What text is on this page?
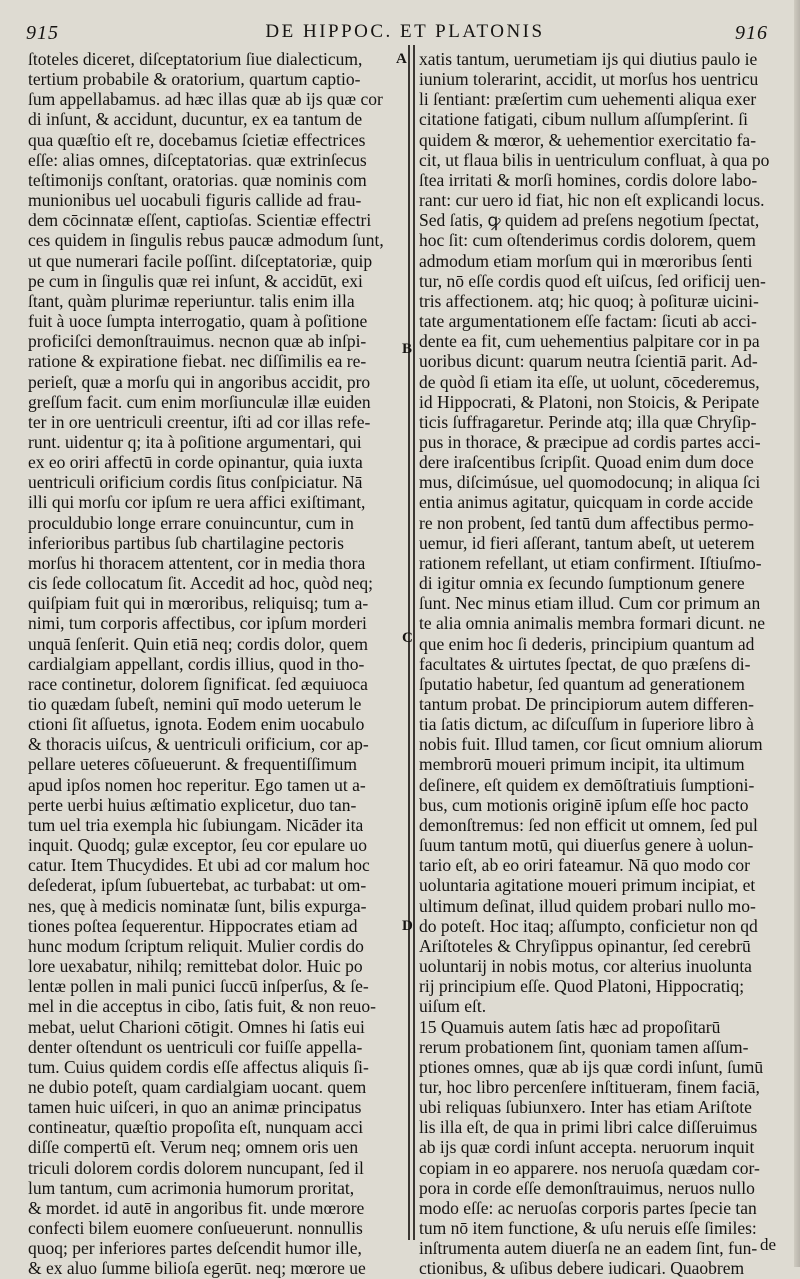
915	DE HIPPOC. ET PLATONIS	916
ſtoteles diceret, diſceptatorium ſiue dialecticum,
tertium probabile & oratorium, quartum captio-
ſum appellabamus. ad hæc illas quæ ab ijs quæ cor
di inſunt, & accidunt, ducuntur, ex ea tantum de
qua quæſtio eſt re, docebamus ſcietiæ effectrices
eſſe: alias omnes, diſceptatorias. quæ extrinſecus
teſtimonijs conſtant, oratorias. quæ nominis com
munionibus uel uocabuli figuris callide ad frau-
dem cōcinnatæ eſſent, captioſas. Scientiæ effectri
ces quidem in ſingulis rebus paucæ admodum ſunt,
ut que numerari facile poſſint. diſceptatoriæ, quip
pe cum in ſingulis quæ rei inſunt, & accidūt, exi
ſtant, quàm plurimæ reperiuntur. talis enim illa
fuit à uoce ſumpta interrogatio, quam à poſitione
proficiſci demonſtrauimus. necnon quæ ab inſpi-
ratione & expiratione fiebat. nec diſſimilis ea re-
perieſt, quæ a morſu qui in angoribus accidit, pro
greſſum facit. cum enim morſiunculæ illæ euiden
ter in ore uentriculi creentur, iſti ad cor illas refe-
runt. uidentur q; ita à poſitione argumentari, qui
ex eo oriri affectū in corde opinantur, quia iuxta
uentriculi orificium cordis ſitus conſpiciatur. Nā
illi qui morſu cor ipſum re uera affici exiſtimant,
proculdubio longe errare conuincuntur, cum in
inferioribus partibus ſub chartilagine pectoris
morſus hi thoracem attentent, cor in media thora
cis ſede collocatum ſit. Accedit ad hoc, quòd neq;
quiſpiam fuit qui in mœroribus, reliquisq; tum a-
nimi, tum corporis affectibus, cor ipſum morderi
unquā ſenſerit. Quin etiā neq; cordis dolor, quem
cardialgiam appellant, cordis illius, quod in tho-
race continetur, dolorem ſignificat. ſed æquiuoca
tio quædam ſubeſt, nemini quī modo ueterum le
ctioni ſit aſſuetus, ignota. Eodem enim uocabulo
& thoracis uiſcus, & uentriculi orificium, cor ap-
pellare ueteres cōſueuerunt. & frequentiſſimum
apud ipſos nomen hoc reperitur. Ego tamen ut a-
perte uerbi huius æſtimatio explicetur, duo tan-
tum uel tria exempla hic ſubiungam. Nicāder ita
inquit. Quodq; gulæ exceptor, ſeu cor epulare uo
catur. Item Thucydides. Et ubi ad cor malum hoc
deſederat, ipſum ſubuertebat, ac turbabat: ut om-
nes, quę à medicis nominatæ ſunt, bilis expurga-
tiones poſtea ſequerentur. Hippocrates etiam ad
hunc modum ſcriptum reliquit. Mulier cordis do
lore uexabatur, nihilq; remittebat dolor. Huic po
lentæ pollen in mali punici ſuccū inſperſus, & ſe-
mel in die acceptus in cibo, ſatis fuit, & non reuo-
mebat, uelut Charioni cōtigit. Omnes hi ſatis eui
denter oſtendunt os uentriculi cor fuiſſe appella-
tum. Cuius quidem cordis eſſe affectus aliquis ſi-
ne dubio poteſt, quam cardialgiam uocant. quem
tamen huic uiſceri, in quo an animæ principatus
contineatur, quæſtio propoſita eſt, nunquam acci
diſſe compertū eſt. Verum neq; omnem oris uen
triculi dolorem cordis dolorem nuncupant, ſed il
lum tantum, cum acrimonia humorum proritat,
& mordet. id autē in angoribus fit. unde mœrore
confecti bilem euomere conſueuerunt. nonnullis
quoq; per inferiores partes deſcendit humor ille,
& ex aluo ſumme bilioſa egerūt. neq; mœrore ue
xatis tantum, uerumetiam ijs qui diutius paulo ie
iunium tolerarint, accidit, ut morſus hos uentricu
li ſentiant: præſertim cum uehementi aliqua exer
citatione fatigati, cibum nullum aſſumpſerint. ſi
quidem & mœror, & uehementior exercitatio fa-
cit, ut flaua bilis in uentriculum confluat, à qua po
ſtea irritati & morſi homines, cordis dolore labo-
rant: cur uero id fiat, hic non eſt explicandi locus.
Sed ſatis, ꝙ quidem ad preſens negotium ſpectat,
hoc ſit: cum oſtenderimus cordis dolorem, quem
admodum etiam morſum qui in mœroribus ſenti
tur, nō eſſe cordis quod eſt uiſcus, ſed orificij uen-
tris affectionem. atq; hic quoq; à poſituræ uicini-
tate argumentationem eſſe factam: ſicuti ab acci-
dente ea fit, cum uehementius palpitare cor in pa
uoribus dicunt: quarum neutra ſcientiā parit. Ad-
de quòd ſi etiam ita eſſe, ut uolunt, cōcederemus,
id Hippocrati, & Platoni, non Stoicis, & Peripate
ticis ſuffragaretur. Perinde atq; illa quæ Chryſip-
pus in thorace, & præcipue ad cordis partes acci-
dere iraſcentibus ſcripſit. Quoad enim dum doce
mus, diſcimúsue, uel quomodocunq; in aliqua ſci
entia animus agitatur, quicquam in corde accide
re non probent, ſed tantū dum affectibus permo-
uemur, id fieri aſſerant, tantum abeſt, ut ueterem
rationem refellant, ut etiam confirment. Iſtiuſmo-
di igitur omnia ex ſecundo ſumptionum genere
ſunt. Nec minus etiam illud. Cum cor primum an
te alia omnia animalis membra formari dicunt. ne
que enim hoc ſi dederis, principium quantum ad
facultates & uirtutes ſpectat, de quo præſens di-
ſputatio habetur, ſed quantum ad generationem
tantum probat. De principiorum autem differen-
tia ſatis dictum, ac diſcuſſum in ſuperiore libro à
nobis fuit. Illud tamen, cor ſicut omnium aliorum
membrorū moueri primum incipit, ita ultimum
deſinere, eſt quidem ex demōſtratiuis ſumptioni-
bus, cum motionis originē ipſum eſſe hoc pacto
demonſtremus: ſed non efficit ut omnem, ſed pul
ſuum tantum motū, qui diuerſus genere à uolun-
tario eſt, ab eo oriri fateamur. Nā quo modo cor
uoluntaria agitatione moueri primum incipiat, et
ultimum deſinat, illud quidem probari nullo mo-
do poteſt. Hoc itaq; aſſumpto, conficietur non qd
Ariſtoteles & Chryſippus opinantur, ſed cerebrū
uoluntarij in nobis motus, cor alterius inuolunta
rij principium eſſe. Quod Platoni, Hippocratiq;
uiſum eſt.
15 Quamuis autem ſatis hæc ad propoſitarū
rerum probationem ſint, quoniam tamen aſſum-
ptiones omnes, quæ ab ijs quæ cordi inſunt, ſumū
tur, hoc libro percenſere inſtitueram, finem faciā,
ubi reliquas ſubiunxero. Inter has etiam Ariſtote
lis illa eſt, de qua in primi libri calce diſſeruimus
ab ijs quæ cordi inſunt accepta. neruorum inquit
copiam in eo apparere. nos neruoſa quædam cor-
pora in corde eſſe demonſtrauimus, neruos nullo
modo eſſe: ac neruoſas corporis partes ſpecie tan
tum nō item functione, & uſu neruis eſſe ſimiles:
inſtrumenta autem diuerſa ne an eadem ſint, fun-
ctionibus, & uſibus debere iudicari. Quaobrem
A
B
C
D
de
